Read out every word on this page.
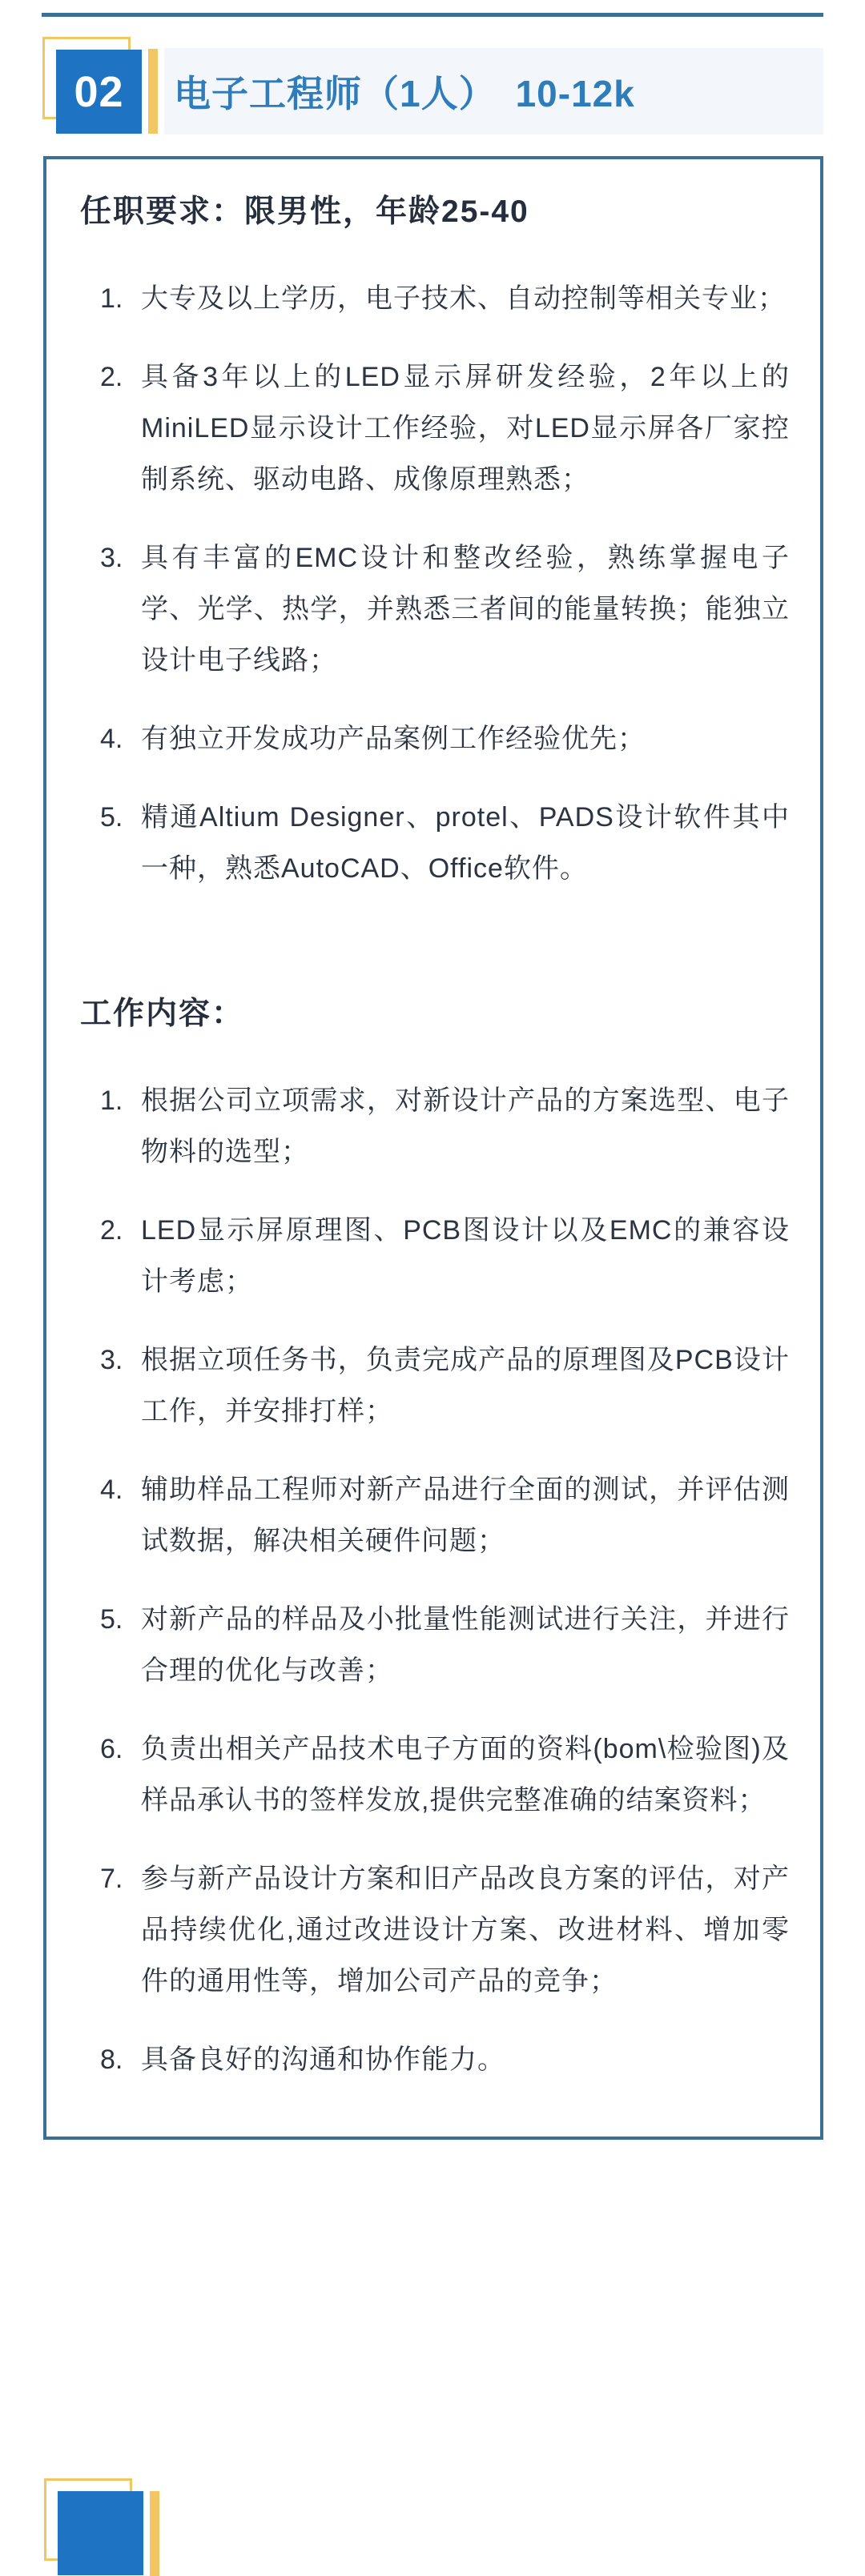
02 电子工程师（1人）　10-12k
任职要求：限男性，年龄25-40
1. 大专及以上学历，电子技术、自动控制等相关专业；
2. 具备3年以上的LED显示屏研发经验，2年以上的MiniLED显示设计工作经验，对LED显示屏各厂家控制系统、驱动电路、成像原理熟悉；
3. 具有丰富的EMC设计和整改经验，熟练掌握电子学、光学、热学，并熟悉三者间的能量转换；能独立设计电子线路；
4. 有独立开发成功产品案例工作经验优先；
5. 精通Altium Designer、protel、PADS设计软件其中一种，熟悉AutoCAD、Office软件。
工作内容：
1. 根据公司立项需求，对新设计产品的方案选型、电子物料的选型；
2. LED显示屏原理图、PCB图设计以及EMC的兼容设计考虑；
3. 根据立项任务书，负责完成产品的原理图及PCB设计工作，并安排打样；
4. 辅助样品工程师对新产品进行全面的测试，并评估测试数据，解决相关硬件问题；
5. 对新产品的样品及小批量性能测试进行关注，并进行合理的优化与改善；
6. 负责出相关产品技术电子方面的资料(bom\检验图)及样品承认书的签样发放,提供完整准确的结案资料；
7. 参与新产品设计方案和旧产品改良方案的评估，对产品持续优化,通过改进设计方案、改进材料、增加零件的通用性等，增加公司产品的竞争；
8. 具备良好的沟通和协作能力。
